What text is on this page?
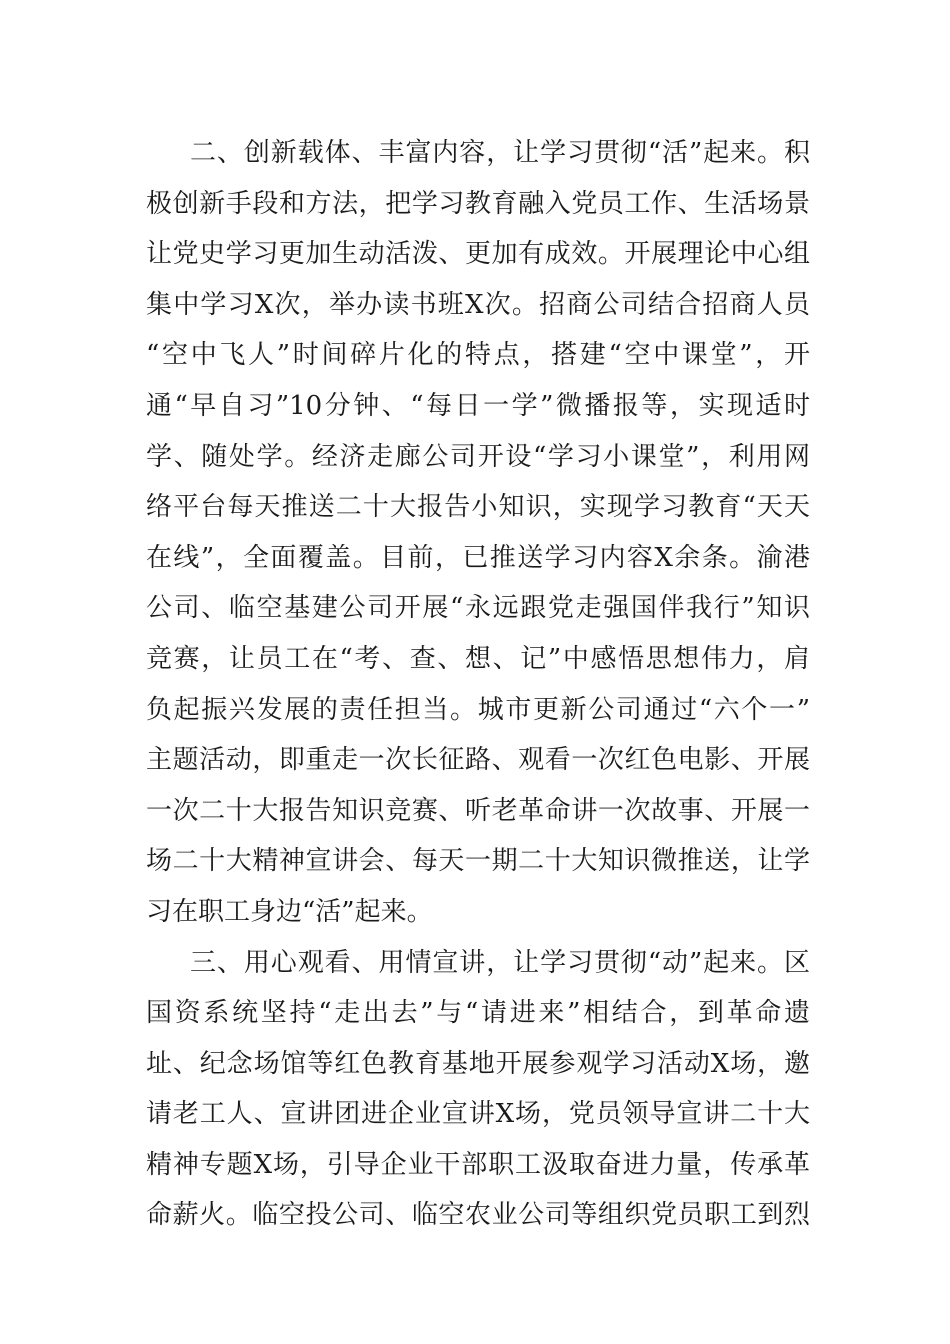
二、创新载体、丰富内容，让学习贯彻“活”起来。积
极创新手段和方法，把学习教育融入党员工作、生活场景
让党史学习更加生动活泼、更加有成效。开展理论中心组
集中学习X次，举办读书班X次。招商公司结合招商人员
“空中飞人”时间碎片化的特点，搭建“空中课堂”，开
通“早自习”10分钟、“每日一学”微播报等，实现适时
学、随处学。经济走廊公司开设“学习小课堂”，利用网
络平台每天推送二十大报告小知识，实现学习教育“天天
在线”，全面覆盖。目前，已推送学习内容X余条。渝港
公司、临空基建公司开展“永远跟党走强国伴我行”知识
竞赛，让员工在“考、查、想、记”中感悟思想伟力，肩
负起振兴发展的责任担当。城市更新公司通过“六个一”
主题活动，即重走一次长征路、观看一次红色电影、开展
一次二十大报告知识竞赛、听老革命讲一次故事、开展一
场二十大精神宣讲会、每天一期二十大知识微推送，让学
习在职工身边“活”起来。
三、用心观看、用情宣讲，让学习贯彻“动”起来。区
国资系统坚持“走出去”与“请进来”相结合，到革命遗
址、纪念场馆等红色教育基地开展参观学习活动X场，邀
请老工人、宣讲团进企业宣讲X场，党员领导宣讲二十大
精神专题X场，引导企业干部职工汲取奋进力量，传承革
命薪火。临空投公司、临空农业公司等组织党员职工到烈
